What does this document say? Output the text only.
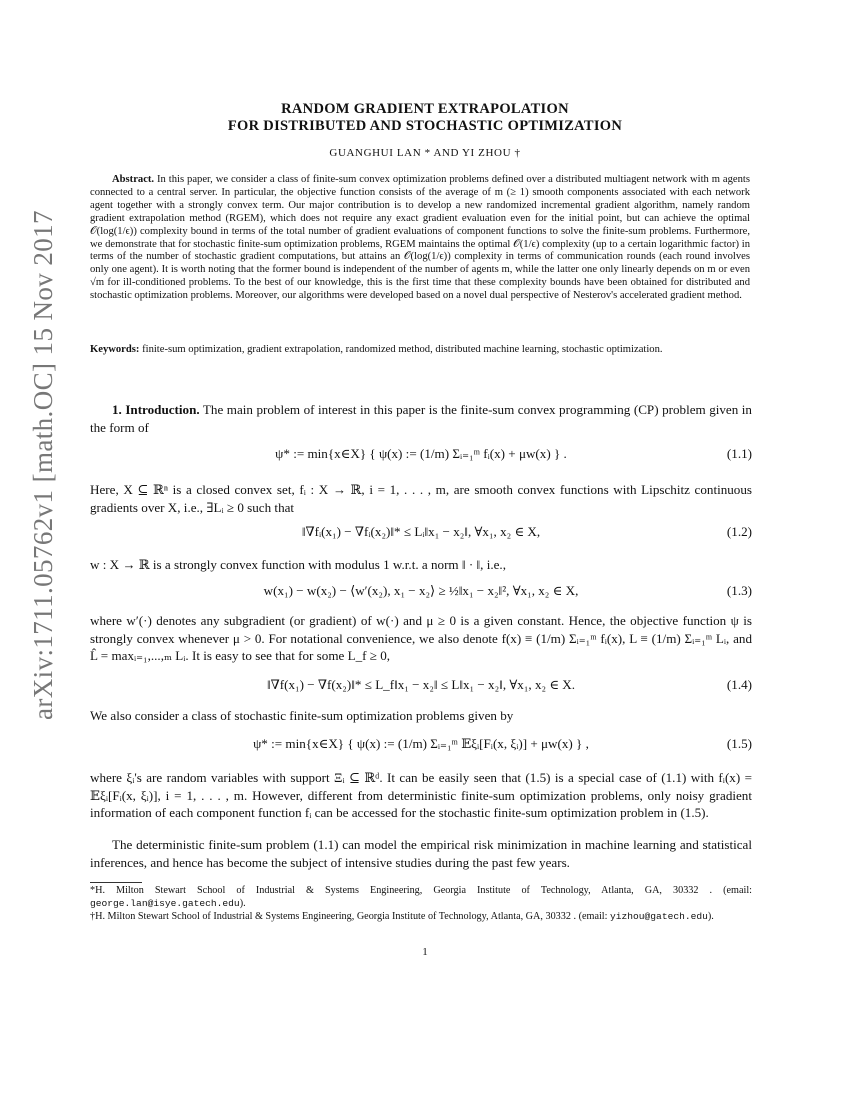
arXiv:1711.05762v1 [math.OC] 15 Nov 2017
RANDOM GRADIENT EXTRAPOLATION
FOR DISTRIBUTED AND STOCHASTIC OPTIMIZATION
GUANGHUI LAN * AND YI ZHOU †
Abstract. In this paper, we consider a class of finite-sum convex optimization problems defined over a distributed multiagent network with m agents connected to a central server. In particular, the objective function consists of the average of m (≥ 1) smooth components associated with each network agent together with a strongly convex term. Our major contribution is to develop a new randomized incremental gradient algorithm, namely random gradient extrapolation method (RGEM), which does not require any exact gradient evaluation even for the initial point, but can achieve the optimal 𝒪(log(1/ϵ)) complexity bound in terms of the total number of gradient evaluations of component functions to solve the finite-sum problems. Furthermore, we demonstrate that for stochastic finite-sum optimization problems, RGEM maintains the optimal 𝒪(1/ϵ) complexity (up to a certain logarithmic factor) in terms of the number of stochastic gradient computations, but attains an 𝒪(log(1/ϵ)) complexity in terms of communication rounds (each round involves only one agent). It is worth noting that the former bound is independent of the number of agents m, while the latter one only linearly depends on m or even √m for ill-conditioned problems. To the best of our knowledge, this is the first time that these complexity bounds have been obtained for distributed and stochastic optimization problems. Moreover, our algorithms were developed based on a novel dual perspective of Nesterov's accelerated gradient method.
Keywords: finite-sum optimization, gradient extrapolation, randomized method, distributed machine learning, stochastic optimization.
1. Introduction. The main problem of interest in this paper is the finite-sum convex programming (CP) problem given in the form of
ψ* := min{x∈X} { ψ(x) := (1/m) Σᵢ₌₁ᵐ fᵢ(x) + μw(x) } .	(1.1)
Here, X ⊆ ℝⁿ is a closed convex set, fᵢ : X → ℝ, i = 1, . . . , m, are smooth convex functions with Lipschitz continuous gradients over X, i.e., ∃Lᵢ ≥ 0 such that
‖∇fᵢ(x₁) − ∇fᵢ(x₂)‖* ≤ Lᵢ‖x₁ − x₂‖, ∀x₁, x₂ ∈ X,	(1.2)
w : X → ℝ is a strongly convex function with modulus 1 w.r.t. a norm ‖ · ‖, i.e.,
w(x₁) − w(x₂) − ⟨w′(x₂), x₁ − x₂⟩ ≥ ½‖x₁ − x₂‖², ∀x₁, x₂ ∈ X,	(1.3)
where w′(·) denotes any subgradient (or gradient) of w(·) and μ ≥ 0 is a given constant. Hence, the objective function ψ is strongly convex whenever μ > 0. For notational convenience, we also denote f(x) ≡ (1/m) Σᵢ₌₁ᵐ fᵢ(x), L ≡ (1/m) Σᵢ₌₁ᵐ Lᵢ, and L̂ = maxᵢ₌₁,...,ₘ Lᵢ. It is easy to see that for some L_f ≥ 0,
‖∇f(x₁) − ∇f(x₂)‖* ≤ L_f‖x₁ − x₂‖ ≤ L‖x₁ − x₂‖, ∀x₁, x₂ ∈ X.	(1.4)
We also consider a class of stochastic finite-sum optimization problems given by
ψ* := min{x∈X} { ψ(x) := (1/m) Σᵢ₌₁ᵐ 𝔼ξᵢ[Fᵢ(x, ξᵢ)] + μw(x) } ,	(1.5)
where ξᵢ's are random variables with support Ξᵢ ⊆ ℝᵈ. It can be easily seen that (1.5) is a special case of (1.1) with fᵢ(x) = 𝔼ξᵢ[Fᵢ(x, ξᵢ)], i = 1, . . . , m. However, different from deterministic finite-sum optimization problems, only noisy gradient information of each component function fᵢ can be accessed for the stochastic finite-sum optimization problem in (1.5).
The deterministic finite-sum problem (1.1) can model the empirical risk minimization in machine learning and statistical inferences, and hence has become the subject of intensive studies during the past few years.
*H. Milton Stewart School of Industrial & Systems Engineering, Georgia Institute of Technology, Atlanta, GA, 30332 . (email: george.lan@isye.gatech.edu).
†H. Milton Stewart School of Industrial & Systems Engineering, Georgia Institute of Technology, Atlanta, GA, 30332 . (email: yizhou@gatech.edu).
1
